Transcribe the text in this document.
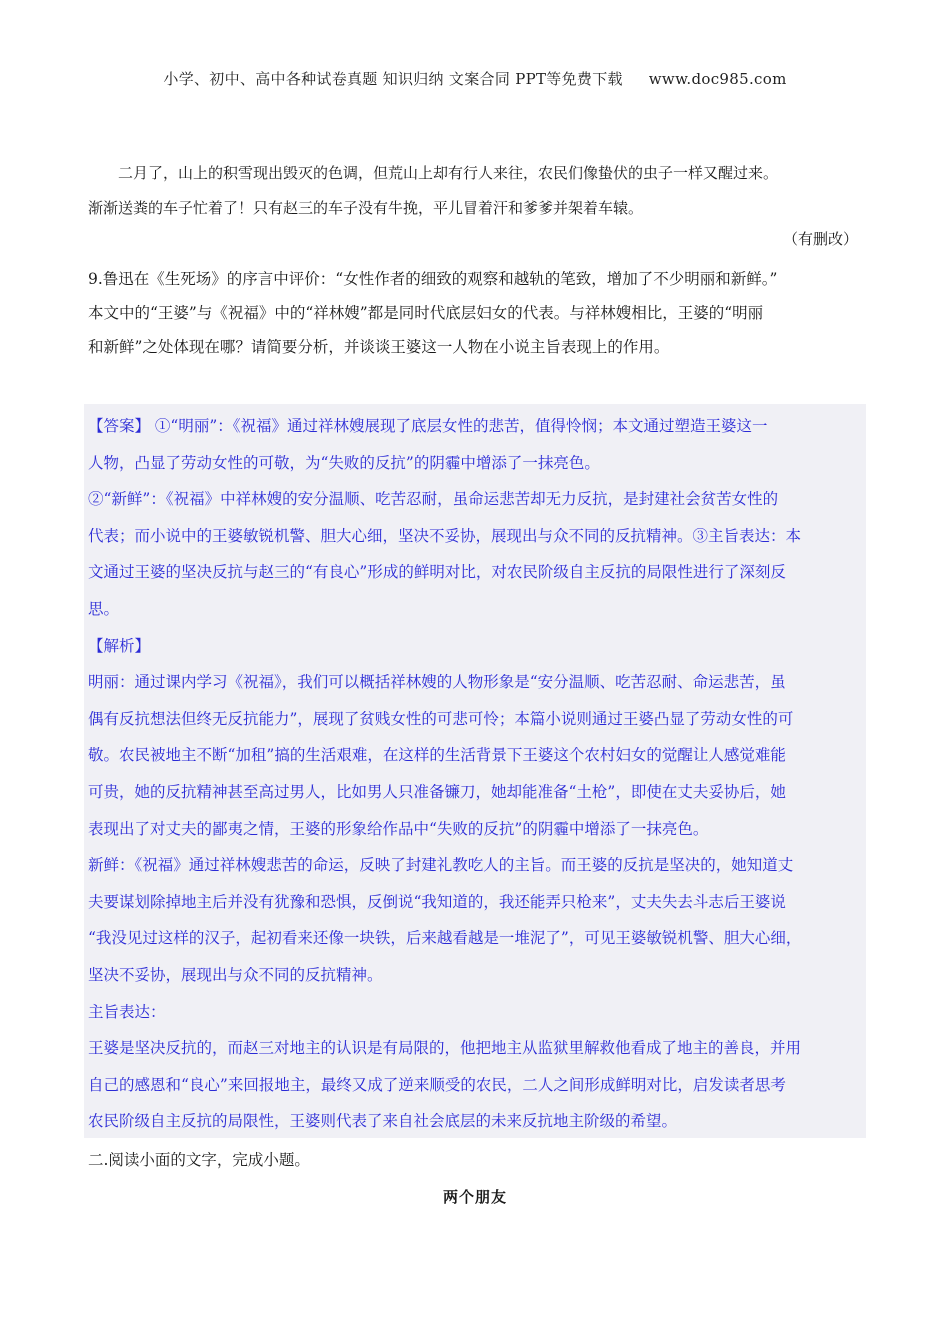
小学、初中、高中各种试卷真题 知识归纳 文案合同 PPT等免费下载 www.doc985.com

二月了，山上的积雪现出毁灭的色调，但荒山上却有行人来往，农民们像蛰伏的虫子一样又醒过来。

渐渐送粪的车子忙着了！只有赵三的车子没有牛挽，平儿冒着汗和爹爹并架着车辕。

（有删改）

9.鲁迅在《生死场》的序言中评价：“女性作者的细致的观察和越轨的笔致，增加了不少明丽和新鲜。”

本文中的“王婆”与《祝福》中的“祥林嫂”都是同时代底层妇女的代表。与祥林嫂相比，王婆的“明丽

和新鲜”之处体现在哪？请简要分析，并谈谈王婆这一人物在小说主旨表现上的作用。

【答案】 ①“明丽”：《祝福》通过祥林嫂展现了底层女性的悲苦，值得怜悯；本文通过塑造王婆这一

人物，凸显了劳动女性的可敬，为“失败的反抗”的阴霾中增添了一抹亮色。

②“新鲜”：《祝福》中祥林嫂的安分温顺、吃苦忍耐，虽命运悲苦却无力反抗，是封建社会贫苦女性的

代表；而小说中的王婆敏锐机警、胆大心细，坚决不妥协，展现出与众不同的反抗精神。③主旨表达：本

文通过王婆的坚决反抗与赵三的“有良心”形成的鲜明对比，对农民阶级自主反抗的局限性进行了深刻反

思。

【解析】

明丽：通过课内学习《祝福》，我们可以概括祥林嫂的人物形象是“安分温顺、吃苦忍耐、命运悲苦，虽

偶有反抗想法但终无反抗能力”，展现了贫贱女性的可悲可怜；本篇小说则通过王婆凸显了劳动女性的可

敬。农民被地主不断“加租”搞的生活艰难，在这样的生活背景下王婆这个农村妇女的觉醒让人感觉难能

可贵，她的反抗精神甚至高过男人，比如男人只准备镰刀，她却能准备“土枪”，即使在丈夫妥协后，她

表现出了对丈夫的鄙夷之情，王婆的形象给作品中“失败的反抗”的阴霾中增添了一抹亮色。

新鲜：《祝福》通过祥林嫂悲苦的命运，反映了封建礼教吃人的主旨。而王婆的反抗是坚决的，她知道丈

夫要谋划除掉地主后并没有犹豫和恐惧，反倒说“我知道的，我还能弄只枪来”，丈夫失去斗志后王婆说

“我没见过这样的汉子，起初看来还像一块铁，后来越看越是一堆泥了”，可见王婆敏锐机警、胆大心细，

坚决不妥协，展现出与众不同的反抗精神。

主旨表达：

王婆是坚决反抗的，而赵三对地主的认识是有局限的，他把地主从监狱里解救他看成了地主的善良，并用

自己的感恩和“良心”来回报地主，最终又成了逆来顺受的农民，二人之间形成鲜明对比，启发读者思考

农民阶级自主反抗的局限性，王婆则代表了来自社会底层的未来反抗地主阶级的希望。

二.阅读小面的文字，完成小题。
两个朋友
